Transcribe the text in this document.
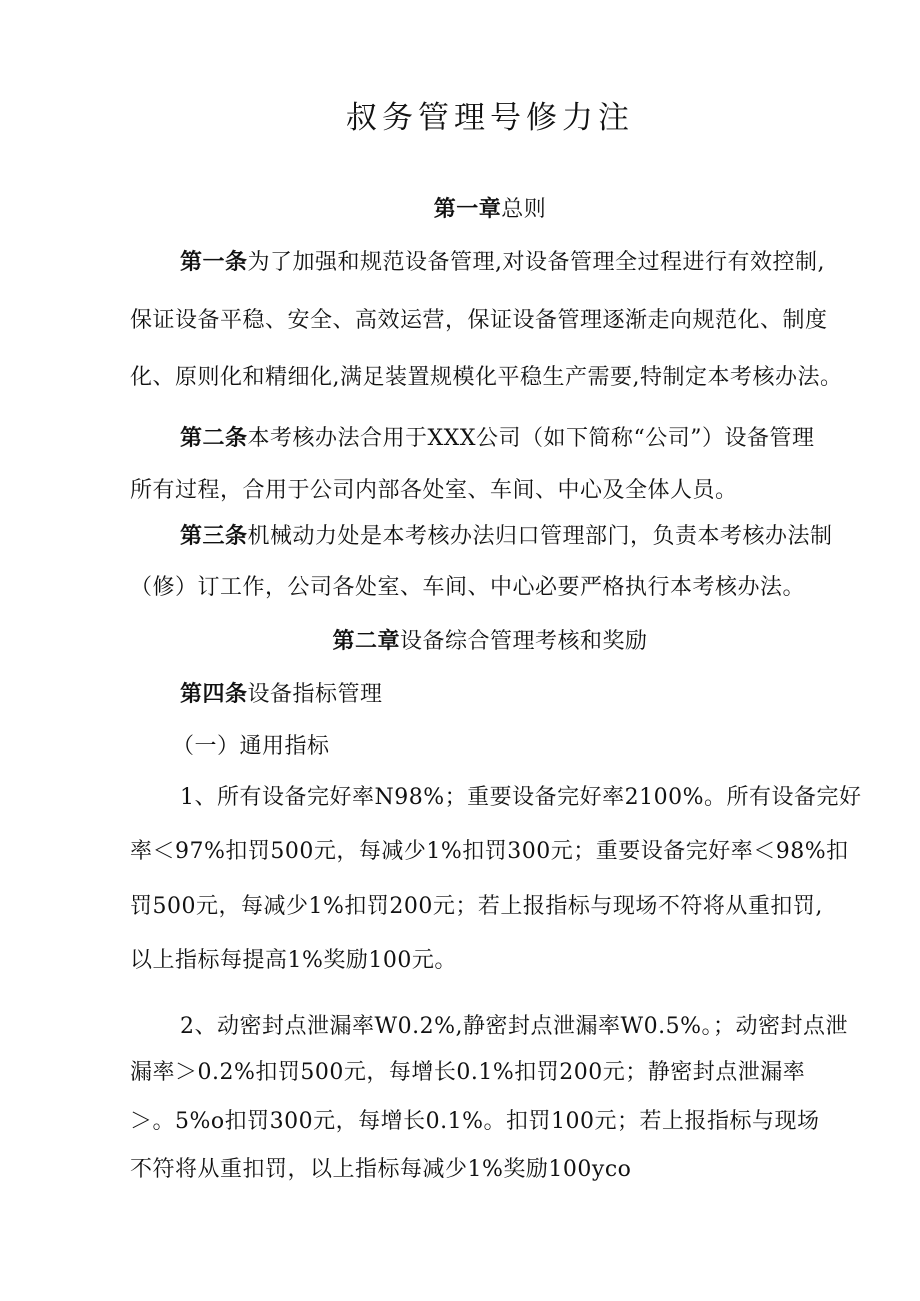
叔务管理号修力注
第一章总则
第一条为了加强和规范设备管理,对设备管理全过程进行有效控制,
保证设备平稳、安全、高效运营，保证设备管理逐渐走向规范化、制度
化、原则化和精细化,满足装置规模化平稳生产需要,特制定本考核办法。
第二条本考核办法合用于XXX公司（如下简称“公司”）设备管理
所有过程，合用于公司内部各处室、车间、中心及全体人员。
第三条机械动力处是本考核办法归口管理部门，负责本考核办法制
（修）订工作，公司各处室、车间、中心必要严格执行本考核办法。
第二章设备综合管理考核和奖励
第四条设备指标管理
（一）通用指标
1、所有设备完好率N98%；重要设备完好率2100%。所有设备完好
率＜97%扣罚500元，每减少1%扣罚300元；重要设备完好率＜98%扣
罚500元，每减少1%扣罚200元；若上报指标与现场不符将从重扣罚,
以上指标每提高1%奖励100元。
2、动密封点泄漏率W0.2%,静密封点泄漏率W0.5%。；动密封点泄
漏率＞0.2%扣罚500元，每增长0.1%扣罚200元；静密封点泄漏率
＞。5%o扣罚300元，每增长0.1%。扣罚100元；若上报指标与现场
不符将从重扣罚，以上指标每减少1%奖励100yco
